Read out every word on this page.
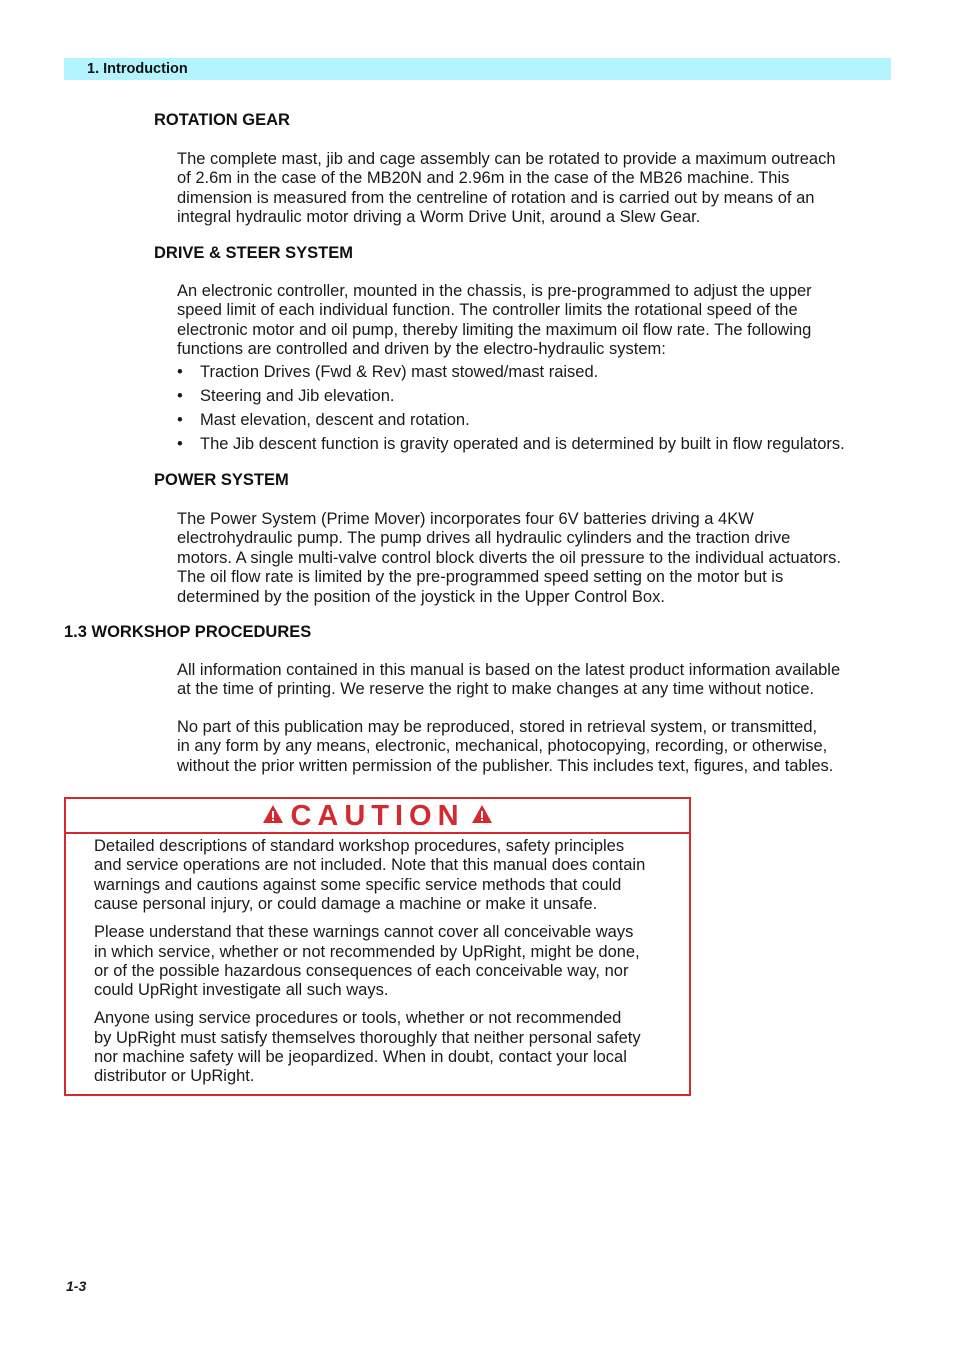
1. Introduction
ROTATION GEAR
The complete mast, jib and cage assembly can be rotated to provide a maximum outreach
of 2.6m in the case of the MB20N and 2.96m in the case of the MB26 machine. This
dimension is measured from the centreline of rotation and is carried out by means of an
integral hydraulic motor driving a Worm Drive Unit, around a Slew Gear.
DRIVE & STEER SYSTEM
An electronic controller, mounted in the chassis, is pre-programmed to adjust the upper
speed limit of each individual function. The controller limits the rotational speed of the
electronic motor and oil pump, thereby limiting the maximum oil flow rate. The following
functions are controlled and driven by the electro-hydraulic system:
• Traction Drives (Fwd & Rev) mast stowed/mast raised.
• Steering and Jib elevation.
• Mast elevation, descent and rotation.
• The Jib descent function is gravity operated and is determined by built in flow regulators.
POWER SYSTEM
The Power System (Prime Mover) incorporates four 6V batteries driving a 4KW
electrohydraulic pump. The pump drives all hydraulic cylinders and the traction drive
motors. A single multi-valve control block diverts the oil pressure to the individual actuators.
The oil flow rate is limited by the pre-programmed speed setting on the motor but is
determined by the position of the joystick in the Upper Control Box.
1.3 WORKSHOP PROCEDURES
All information contained in this manual is based on the latest product information available
at the time of printing. We reserve the right to make changes at any time without notice.
No part of this publication may be reproduced, stored in retrieval system, or transmitted,
in any form by any means, electronic, mechanical, photocopying, recording, or otherwise,
without the prior written permission of the publisher. This includes text, figures, and tables.
CAUTION

Detailed descriptions of standard workshop procedures, safety principles
and service operations are not included. Note that this manual does contain
warnings and cautions against some specific service methods that could
cause personal injury, or could damage a machine or make it unsafe.

Please understand that these warnings cannot cover all conceivable ways
in which service, whether or not recommended by UpRight, might be done,
or of the possible hazardous consequences of each conceivable way, nor
could UpRight investigate all such ways.

Anyone using service procedures or tools, whether or not recommended
by UpRight must satisfy themselves thoroughly that neither personal safety
nor machine safety will be jeopardized. When in doubt, contact your local
distributor or UpRight.

1-3
